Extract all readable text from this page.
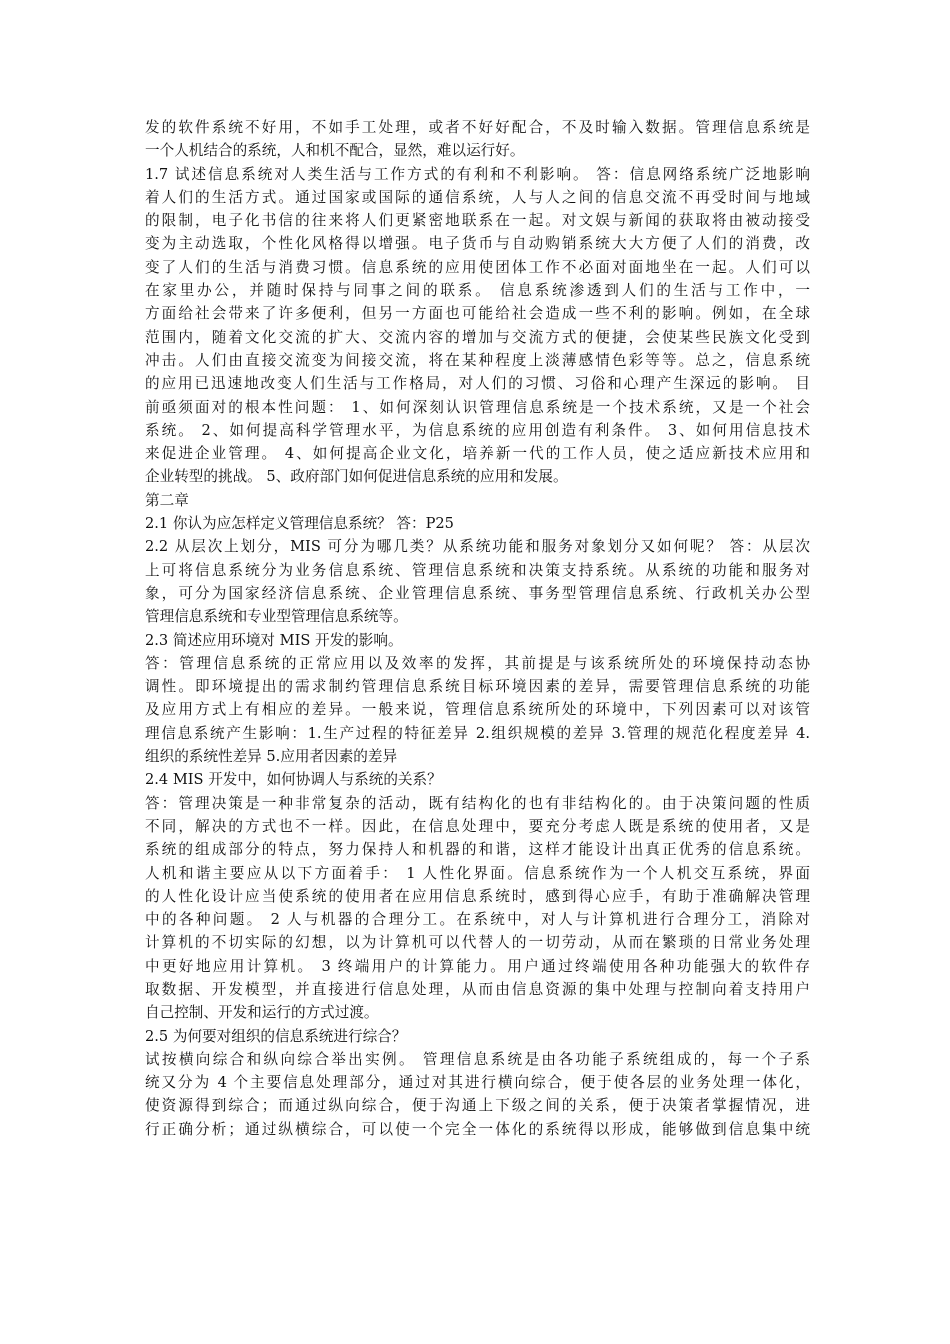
发的软件系统不好用，不如手工处理，或者不好好配合，不及时输入数据。管理信息系统是
一个人机结合的系统，人和机不配合，显然，难以运行好。
1.7 试述信息系统对人类生活与工作方式的有利和不利影响。 答：信息网络系统广泛地影响
着人们的生活方式。通过国家或国际的通信系统，人与人之间的信息交流不再受时间与地域
的限制，电子化书信的往来将人们更紧密地联系在一起。对文娱与新闻的获取将由被动接受
变为主动选取，个性化风格得以增强。电子货币与自动购销系统大大方便了人们的消费，改
变了人们的生活与消费习惯。信息系统的应用使团体工作不必面对面地坐在一起。人们可以
在家里办公，并随时保持与同事之间的联系。 信息系统渗透到人们的生活与工作中，一
方面给社会带来了许多便利，但另一方面也可能给社会造成一些不利的影响。例如，在全球
范围内，随着文化交流的扩大、交流内容的增加与交流方式的便捷，会使某些民族文化受到
冲击。人们由直接交流变为间接交流，将在某种程度上淡薄感情色彩等等。总之，信息系统
的应用已迅速地改变人们生活与工作格局，对人们的习惯、习俗和心理产生深远的影响。 目
前亟须面对的根本性问题： 1、如何深刻认识管理信息系统是一个技术系统，又是一个社会
系统。 2、如何提高科学管理水平，为信息系统的应用创造有利条件。 3、如何用信息技术
来促进企业管理。 4、如何提高企业文化，培养新一代的工作人员，使之适应新技术应用和
企业转型的挑战。 5、政府部门如何促进信息系统的应用和发展。
第二章
2.1 你认为应怎样定义管理信息系统？ 答：P25
2.2 从层次上划分，MIS 可分为哪几类？从系统功能和服务对象划分又如何呢？ 答：从层次
上可将信息系统分为业务信息系统、管理信息系统和决策支持系统。从系统的功能和服务对
象，可分为国家经济信息系统、企业管理信息系统、事务型管理信息系统、行政机关办公型
管理信息系统和专业型管理信息系统等。
2.3 简述应用环境对 MIS 开发的影响。
答：管理信息系统的正常应用以及效率的发挥，其前提是与该系统所处的环境保持动态协
调性。即环境提出的需求制约管理信息系统目标环境因素的差异，需要管理信息系统的功能
及应用方式上有相应的差异。一般来说，管理信息系统所处的环境中，下列因素可以对该管
理信息系统产生影响：1.生产过程的特征差异 2.组织规模的差异 3.管理的规范化程度差异 4.
组织的系统性差异 5.应用者因素的差异
2.4 MIS 开发中，如何协调人与系统的关系？
答：管理决策是一种非常复杂的活动，既有结构化的也有非结构化的。由于决策问题的性质
不同，解决的方式也不一样。因此，在信息处理中，要充分考虑人既是系统的使用者，又是
系统的组成部分的特点，努力保持人和机器的和谐，这样才能设计出真正优秀的信息系统。
人机和谐主要应从以下方面着手： 1 人性化界面。信息系统作为一个人机交互系统，界面
的人性化设计应当使系统的使用者在应用信息系统时，感到得心应手，有助于准确解决管理
中的各种问题。 2 人与机器的合理分工。在系统中，对人与计算机进行合理分工，消除对
计算机的不切实际的幻想，以为计算机可以代替人的一切劳动，从而在繁琐的日常业务处理
中更好地应用计算机。 3 终端用户的计算能力。用户通过终端使用各种功能强大的软件存
取数据、开发模型，并直接进行信息处理，从而由信息资源的集中处理与控制向着支持用户
自己控制、开发和运行的方式过渡。
2.5 为何要对组织的信息系统进行综合？
试按横向综合和纵向综合举出实例。 管理信息系统是由各功能子系统组成的，每一个子系
统又分为 4 个主要信息处理部分，通过对其进行横向综合，便于使各层的业务处理一体化，
使资源得到综合；而通过纵向综合，便于沟通上下级之间的关系，便于决策者掌握情况，进
行正确分析；通过纵横综合，可以使一个完全一体化的系统得以形成，能够做到信息集中统
